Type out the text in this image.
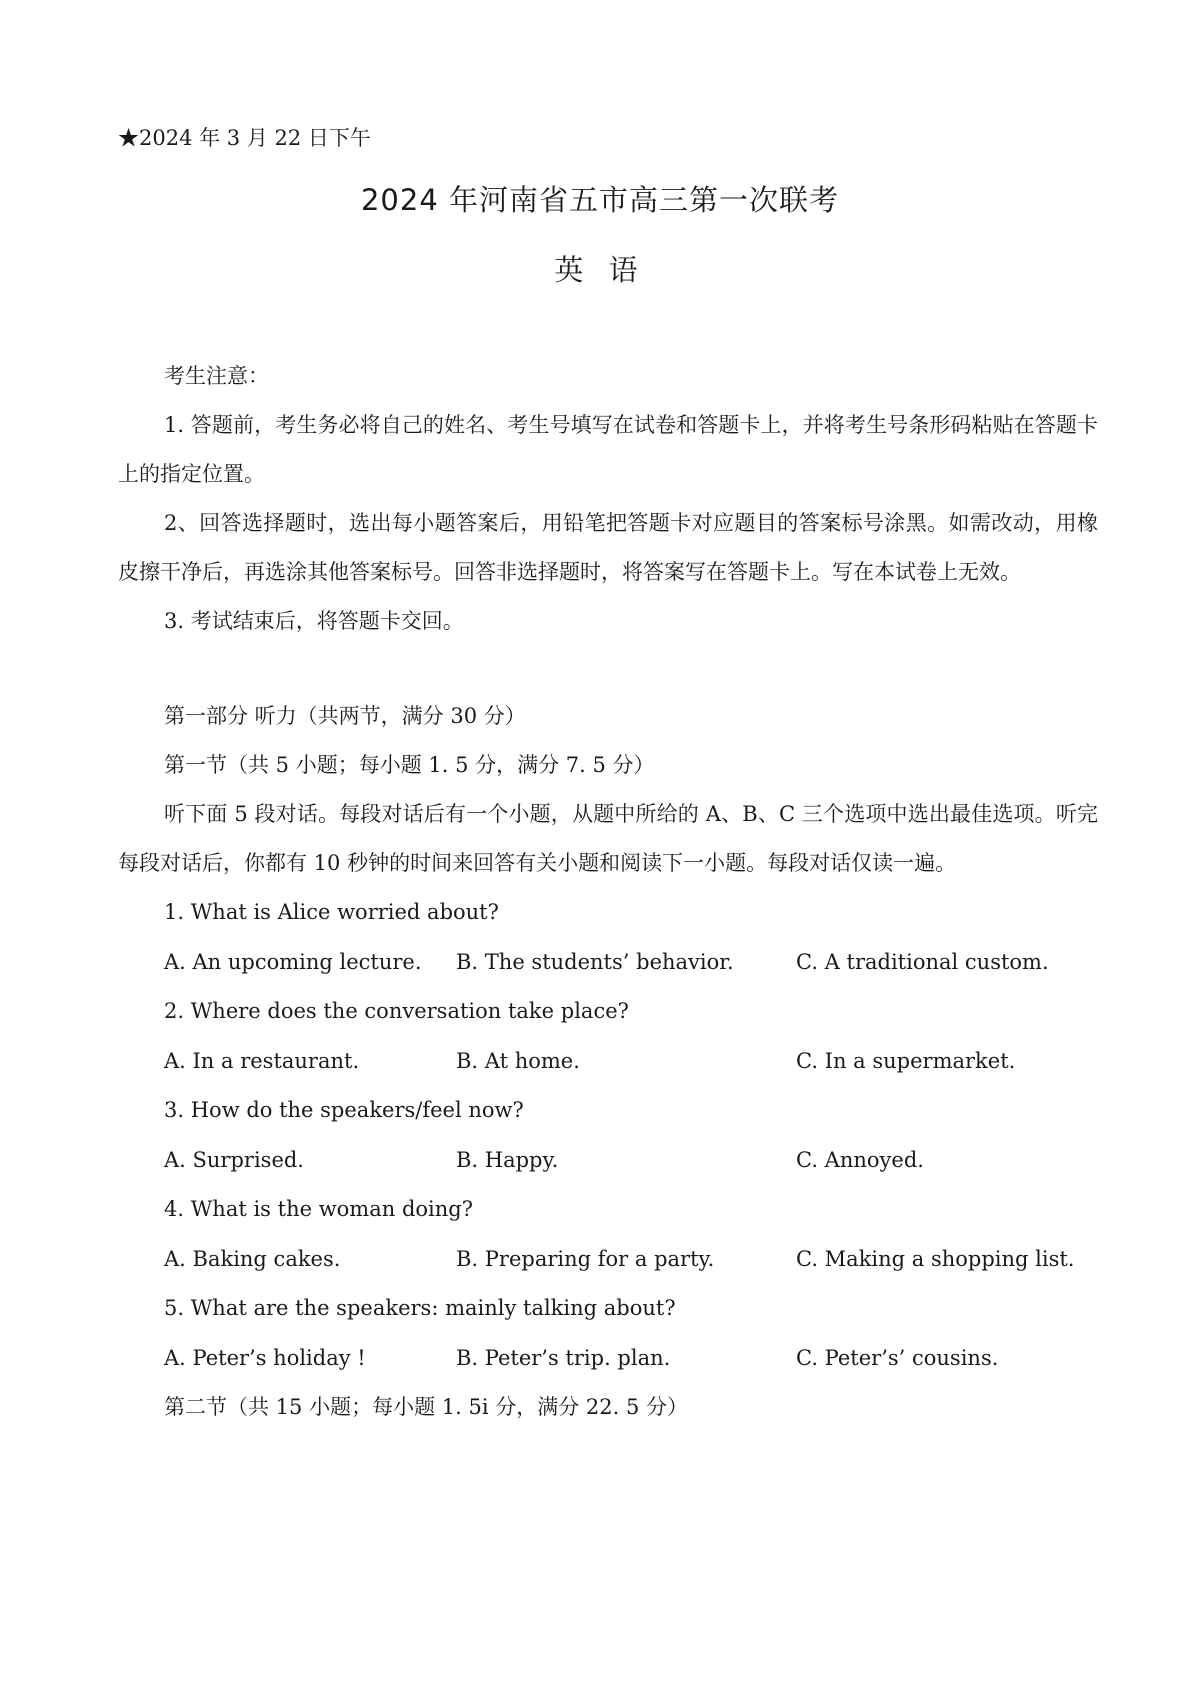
★2024 年 3 月 22 日下午
2024 年河南省五市高三第一次联考
英 语

考生注意：

1. 答题前，考生务必将自己的姓名、考生号填写在试卷和答题卡上，并将考生号条形码粘贴在答题卡上的指定位置。

2、回答选择题时，选出每小题答案后，用铅笔把答题卡对应题目的答案标号涂黑。如需改动，用橡皮擦干净后，再选涂其他答案标号。回答非选择题时，将答案写在答题卡上。写在本试卷上无效。

3. 考试结束后，将答题卡交回。

第一部分 听力（共两节，满分 30 分）

第一节（共 5 小题；每小题 1. 5 分，满分 7. 5 分）

听下面 5 段对话。每段对话后有一个小题，从题中所给的 A、B、C 三个选项中选出最佳选项。听完每段对话后，你都有 10 秒钟的时间来回答有关小题和阅读下一小题。每段对话仅读一遍。

1. What is Alice worried about?

A. An upcoming lecture.	B. The students’ behavior.	C. A traditional custom.

2. Where does the conversation take place?

A. In a restaurant.	B. At home.	C. In a supermarket.

3. How do the speakers/feel now?

A. Surprised.	B. Happy.	C. Annoyed.

4. What is the woman doing?

A. Baking cakes.	B. Preparing for a party.	C. Making a shopping list.

5. What are the speakers: mainly talking about?

A. Peter’s holiday !	B. Peter’s trip. plan.	C. Peter’s’ cousins.

第二节（共 15 小题；每小题 1. 5i 分，满分 22. 5 分）
